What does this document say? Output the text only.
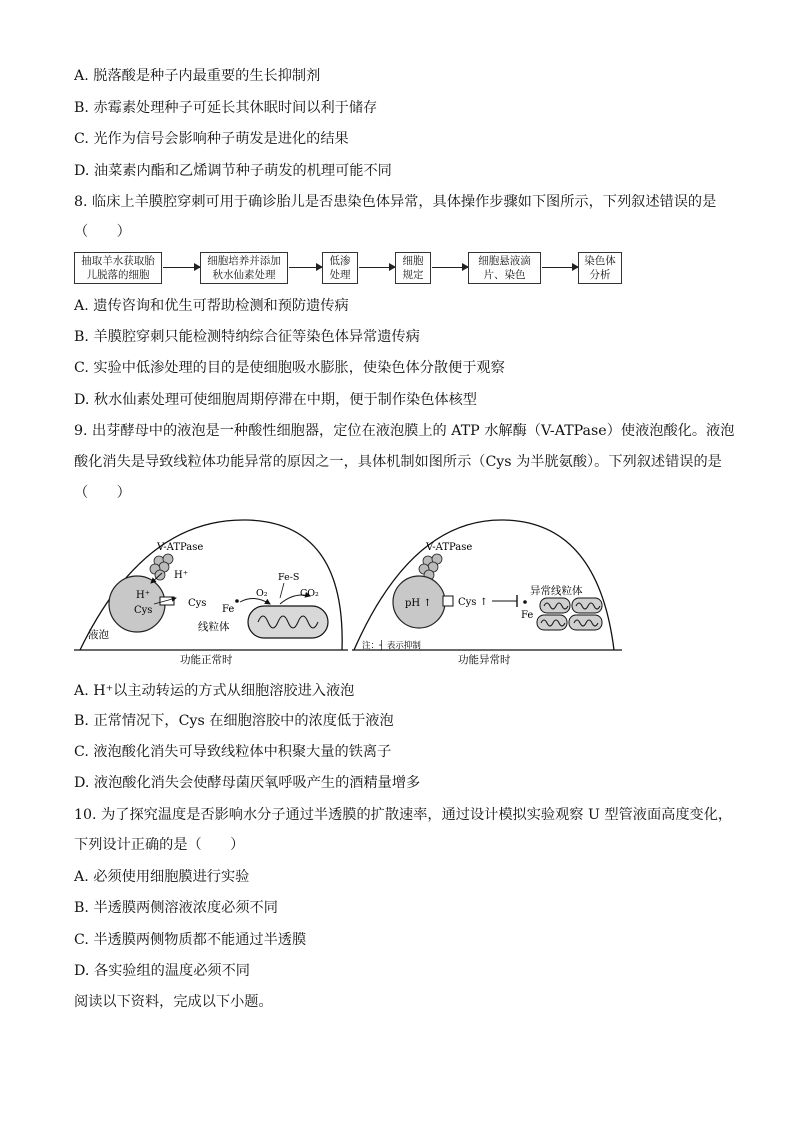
A. 脱落酸是种子内最重要的生长抑制剂
B. 赤霉素处理种子可延长其休眠时间以利于储存
C. 光作为信号会影响种子萌发是进化的结果
D. 油菜素内酯和乙烯调节种子萌发的机理可能不同
8. 临床上羊膜腔穿刺可用于确诊胎儿是否患染色体异常，具体操作步骤如下图所示，下列叙述错误的是
（　　）
抽取羊水获取胎
儿脱落的细胞
细胞培养并添加
秋水仙素处理
低渗
处理
细胞
规定
细胞悬液滴
片、染色
染色体
分析
A. 遗传咨询和优生可帮助检测和预防遗传病
B. 羊膜腔穿刺只能检测特纳综合征等染色体异常遗传病
C. 实验中低渗处理的目的是使细胞吸水膨胀，使染色体分散便于观察
D. 秋水仙素处理可使细胞周期停滞在中期，便于制作染色体核型
9. 出芽酵母中的液泡是一种酸性细胞器，定位在液泡膜上的 ATP 水解酶（V-ATPase）使液泡酸化。液泡
酸化消失是导致线粒体功能异常的原因之一，具体机制如图所示（Cys 为半胱氨酸）。下列叙述错误的是
（　　）
V-ATPase
H⁺
H⁺
Cys
Cys
液泡
Fe
O₂
Fe-S
CO₂
线粒体
功能正常时
V-ATPase
pH ↑	Cys ↑
Fe
异常线粒体
注：┤ 表示抑制
功能异常时
A. H⁺以主动转运的方式从细胞溶胶进入液泡
B. 正常情况下，Cys 在细胞溶胶中的浓度低于液泡
C. 液泡酸化消失可导致线粒体中积聚大量的铁离子
D. 液泡酸化消失会使酵母菌厌氧呼吸产生的酒精量增多
10. 为了探究温度是否影响水分子通过半透膜的扩散速率，通过设计模拟实验观察 U 型管液面高度变化，
下列设计正确的是（　　）
A. 必须使用细胞膜进行实验
B. 半透膜两侧溶液浓度必须不同
C. 半透膜两侧物质都不能通过半透膜
D. 各实验组的温度必须不同
阅读以下资料，完成以下小题。
